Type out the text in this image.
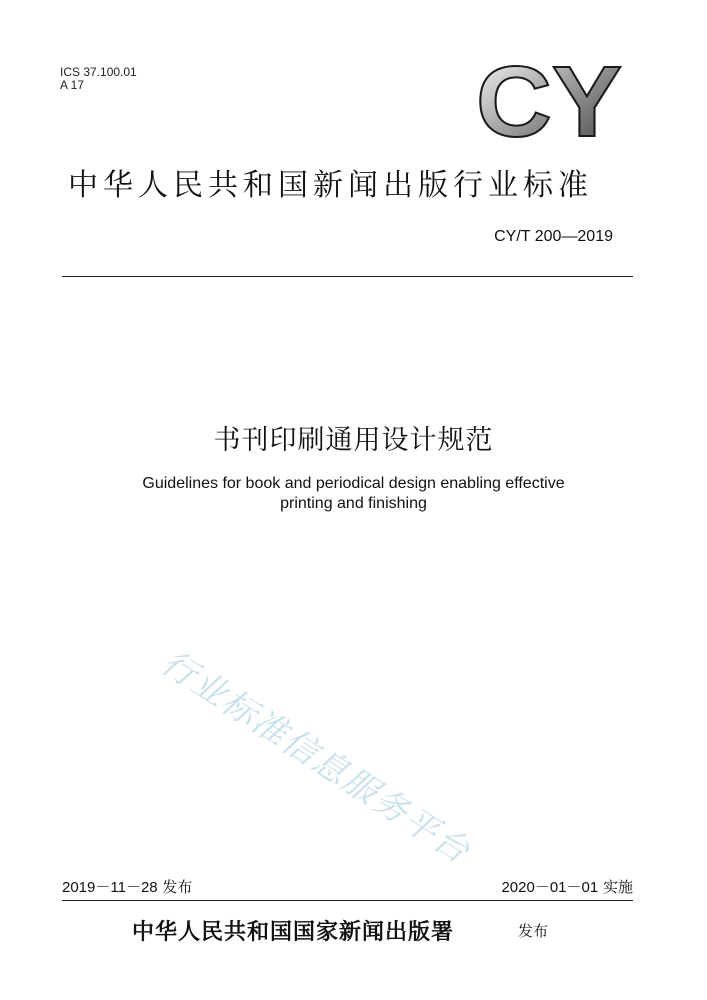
ICS 37.100.01
A 17	CY
中华人民共和国新闻出版行业标准
CY/T 200—2019
书刊印刷通用设计规范
Guidelines for book and periodical design enabling effective
printing and finishing
行业标准信息服务平台
2019－11－28 发布	2020－01－01 实施
中华人民共和国国家新闻出版署	发布
